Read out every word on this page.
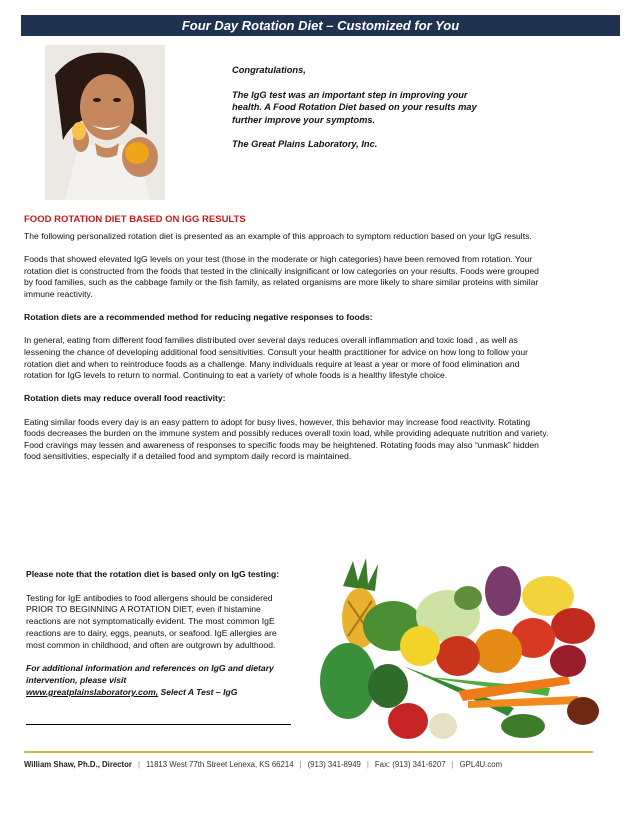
Four Day Rotation Diet – Customized for You

Congratulations,

The IgG test was an important step in improving your health. A Food Rotation Diet based on your results may further improve your symptoms.

The Great Plains Laboratory, Inc.

FOOD ROTATION DIET BASED ON IGG RESULTS

The following personalized rotation diet is presented as an example of this approach to symptom reduction based on your IgG results.

Foods that showed elevated IgG levels on your test (those in the moderate or high categories) have been removed from rotation. Your rotation diet is constructed from the foods that tested in the clinically insignificant or low categories on your results. Foods were grouped by food families, such as the cabbage family or the fish family, as related organisms are more likely to share similar proteins with similar immune reactivity.

Rotation diets are a recommended method for reducing negative responses to foods:

In general, eating from different food families distributed over several days reduces overall inflammation and toxic load , as well as lessening the chance of developing additional food sensitivities. Consult your health practitioner for advice on how long to follow your rotation diet and when to reintroduce foods as a challenge. Many individuals require at least a year or more of food elimination and rotation for IgG levels to return to normal. Continuing to eat a variety of whole foods is a healthy lifestyle choice.

Rotation diets may reduce overall food reactivity:

Eating similar foods every day is an easy pattern to adopt for busy lives, however, this behavior may increase food reactivity. Rotating foods decreases the burden on the immune system and possibly reduces overall toxin load, while providing adequate nutrition and variety. Food cravings may lessen and awareness of responses to specific foods may be heightened. Rotating foods may also “unmask” hidden food sensitivities, especially if a detailed food and symptom daily record is maintained.

Please note that the rotation diet is based only on IgG testing:

Testing for IgE antibodies to food allergens should be considered PRIOR TO BEGINNING A ROTATION DIET, even if histamine reactions are not symptomatically evident. The most common IgE reactions are to dairy, eggs, peanuts, or seafood. IgE allergies are most common in childhood, and often are outgrown by adulthood.

For additional information and references on IgG and dietary intervention, please visit
www.greatplainslaboratory.com, Select A Test – IgG

William Shaw, Ph.D., Director | 11813 West 77th Street Lenexa, KS 66214 | (913) 341-8949 | Fax: (913) 341-6207 | GPL4U.com
